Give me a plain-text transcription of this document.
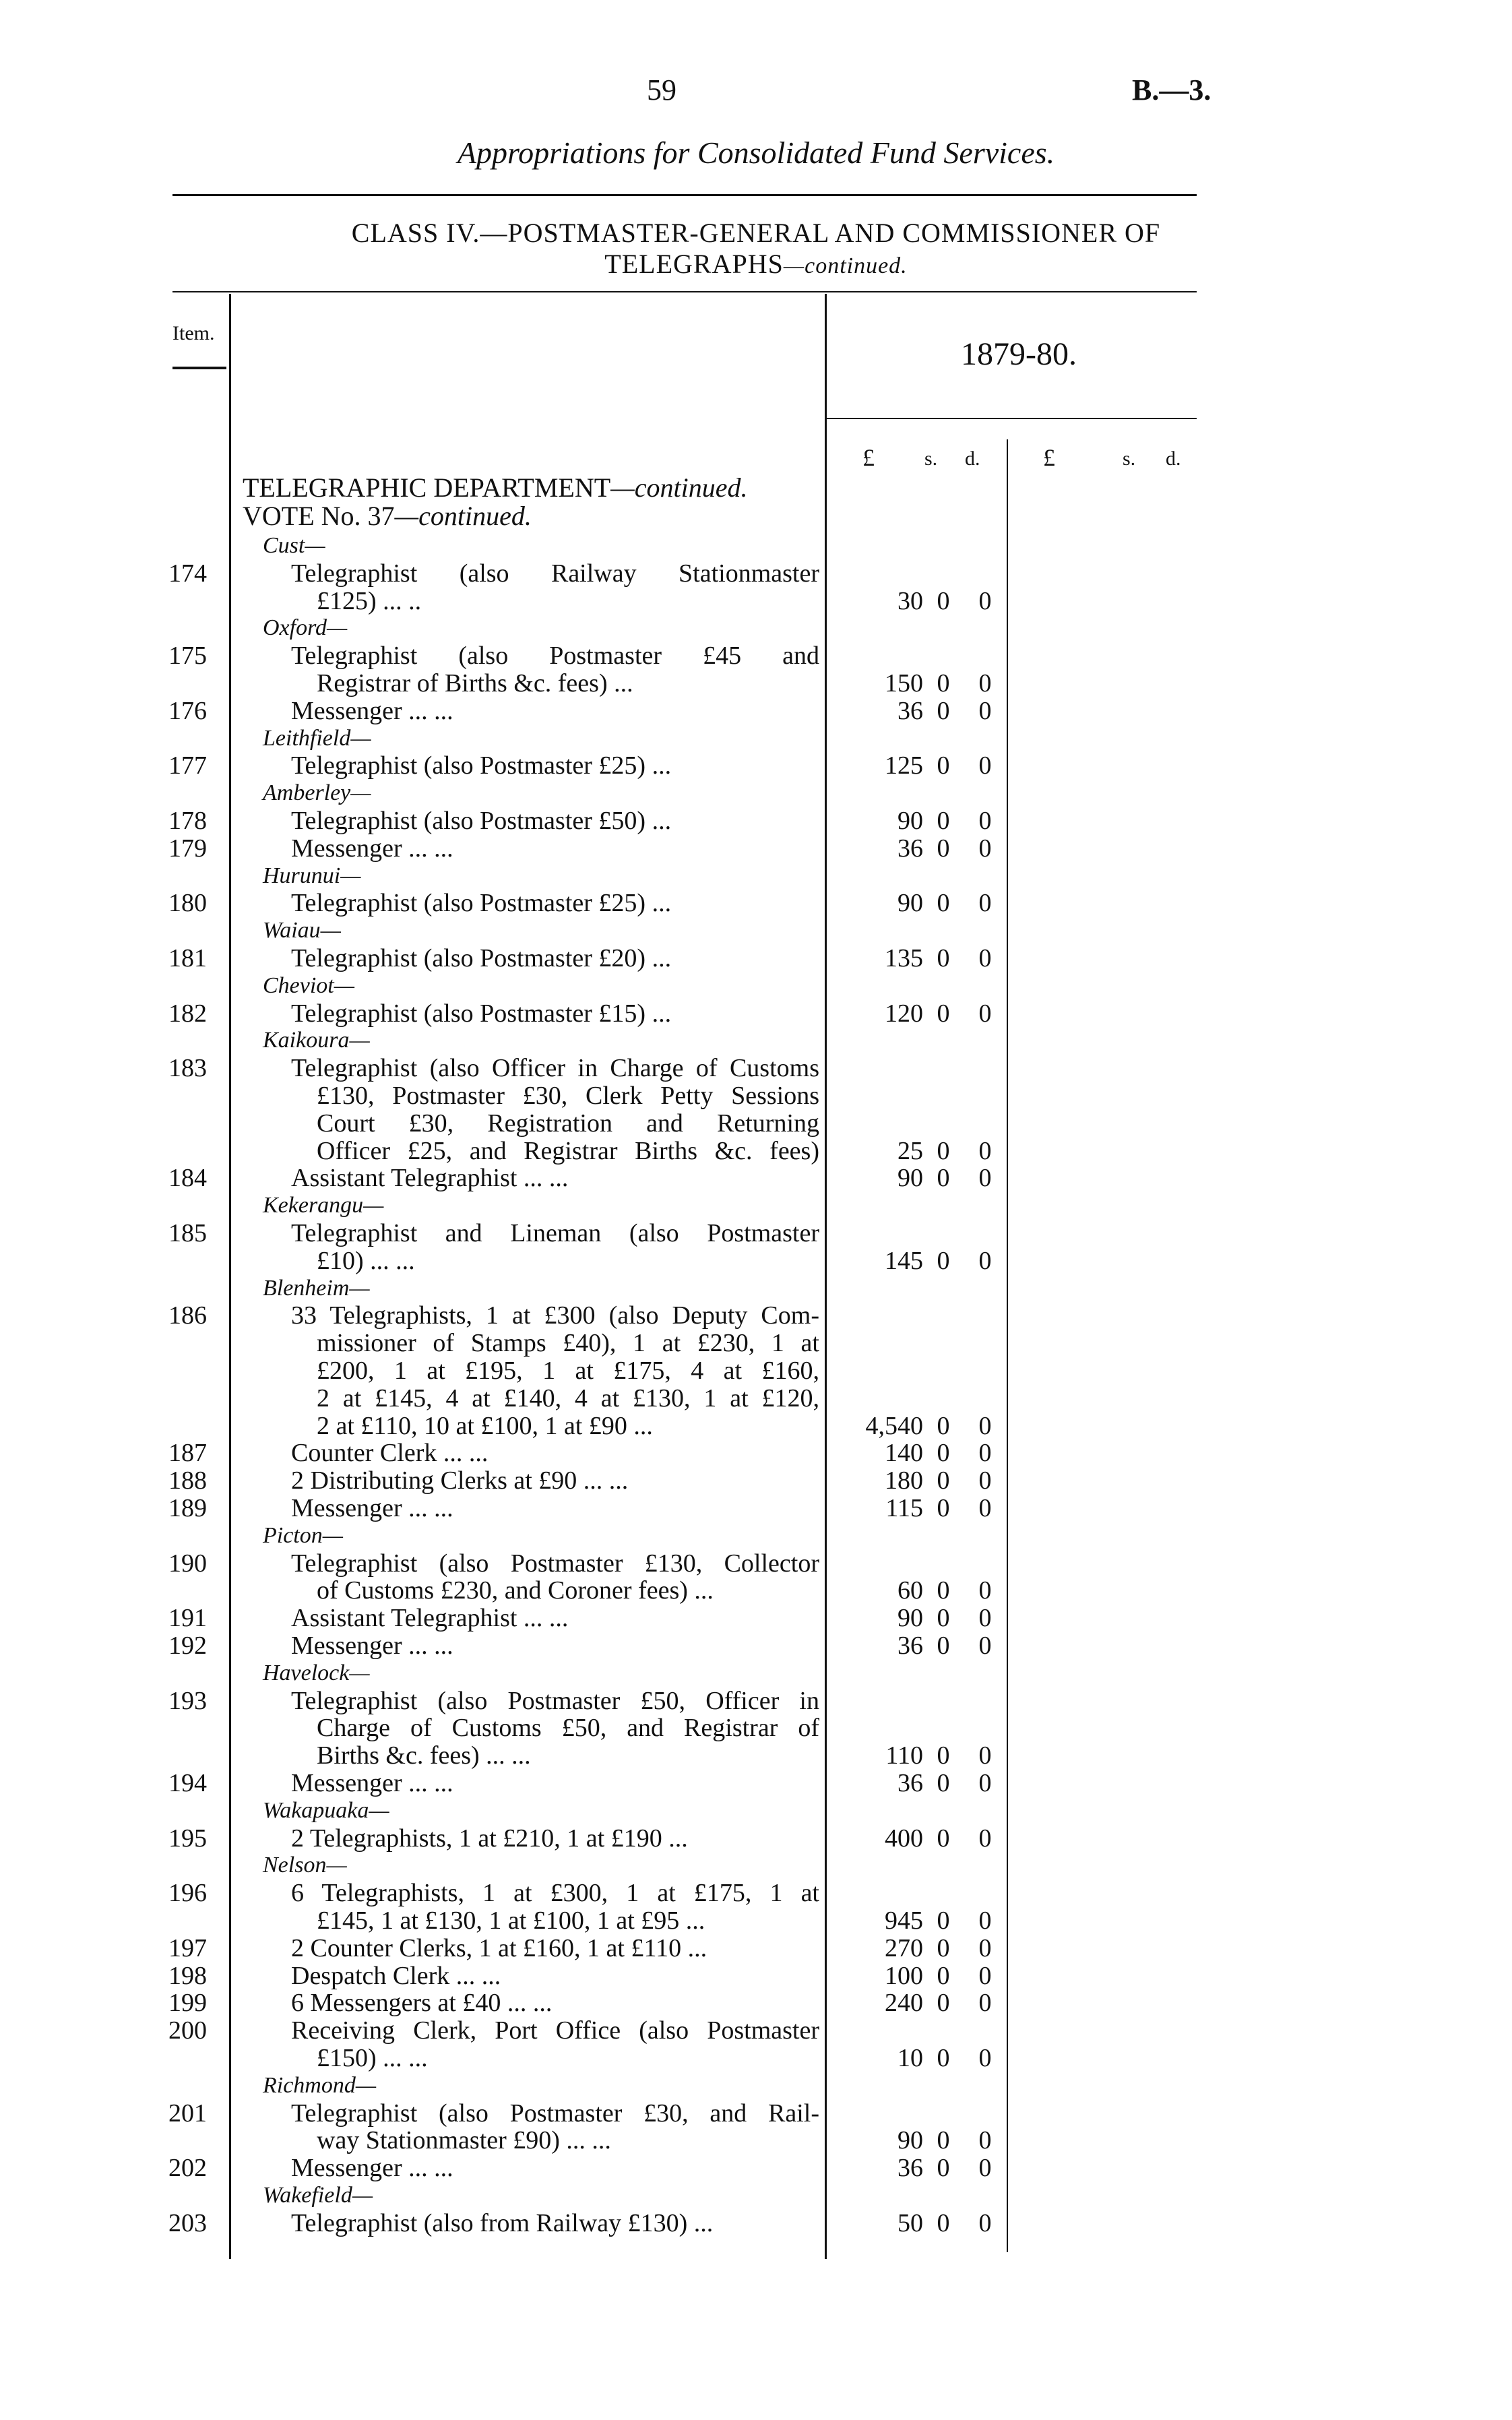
59	B.—3.
Appropriations for Consolidated Fund Services.
CLASS IV.—POSTMASTER-GENERAL AND COMMISSIONER OF
TELEGRAPHS—continued.
Item.
1879-80.
£ s. d.	£	s. d.
TELEGRAPHIC DEPARTMENT—continued.
VOTE No. 37—continued.
Cust—
174	Telegraphist (also Railway Stationmaster
£125) ... ..	30 0 0
Oxford—
175	Telegraphist (also Postmaster £45 and
Registrar of Births &c. fees) ...	150 0 0
176	Messenger ... ...	36 0 0
Leithfield—
177	Telegraphist (also Postmaster £25) ...	125 0 0
Amberley—
178	Telegraphist (also Postmaster £50) ...	90 0 0
179	Messenger ... ...	36 0 0
Hurunui—
180	Telegraphist (also Postmaster £25) ...	90 0 0
Waiau—
181	Telegraphist (also Postmaster £20) ...	135 0 0
Cheviot—
182	Telegraphist (also Postmaster £15) ...	120 0 0
Kaikoura—
183	Telegraphist (also Officer in Charge of Customs
£130, Postmaster £30, Clerk Petty Sessions
Court £30, Registration and Returning
Officer £25, and Registrar Births &c. fees)	25 0 0
184	Assistant Telegraphist ... ...	90 0 0
Kekerangu—
185	Telegraphist and Lineman (also Postmaster
£10) ... ...	145 0 0
Blenheim—
186	33 Telegraphists, 1 at £300 (also Deputy Com-
missioner of Stamps £40), 1 at £230, 1 at
£200, 1 at £195, 1 at £175, 4 at £160,
2 at £145, 4 at £140, 4 at £130, 1 at £120,
2 at £110, 10 at £100, 1 at £90 ...	4,540 0 0
187	Counter Clerk ... ...	140 0 0
188	2 Distributing Clerks at £90 ... ...	180 0 0
189	Messenger ... ...	115 0 0
Picton—
190	Telegraphist (also Postmaster £130, Collector
of Customs £230, and Coroner fees) ...	60 0 0
191	Assistant Telegraphist ... ...	90 0 0
192	Messenger ... ...	36 0 0
Havelock—
193	Telegraphist (also Postmaster £50, Officer in
Charge of Customs £50, and Registrar of
Births &c. fees) ... ...	110 0 0
194	Messenger ... ...	36 0 0
Wakapuaka—
195	2 Telegraphists, 1 at £210, 1 at £190 ...	400 0 0
Nelson—
196	6 Telegraphists, 1 at £300, 1 at £175, 1 at
£145, 1 at £130, 1 at £100, 1 at £95 ...	945 0 0
197	2 Counter Clerks, 1 at £160, 1 at £110 ...	270 0 0
198	Despatch Clerk ... ...	100 0 0
199	6 Messengers at £40 ... ...	240 0 0
200	Receiving Clerk, Port Office (also Postmaster
£150) ... ...	10 0 0
Richmond—
201	Telegraphist (also Postmaster £30, and Rail-
way Stationmaster £90) ... ...	90 0 0
202	Messenger ... ...	36 0 0
Wakefield—
203	Telegraphist (also from Railway £130) ...	50 0 0
